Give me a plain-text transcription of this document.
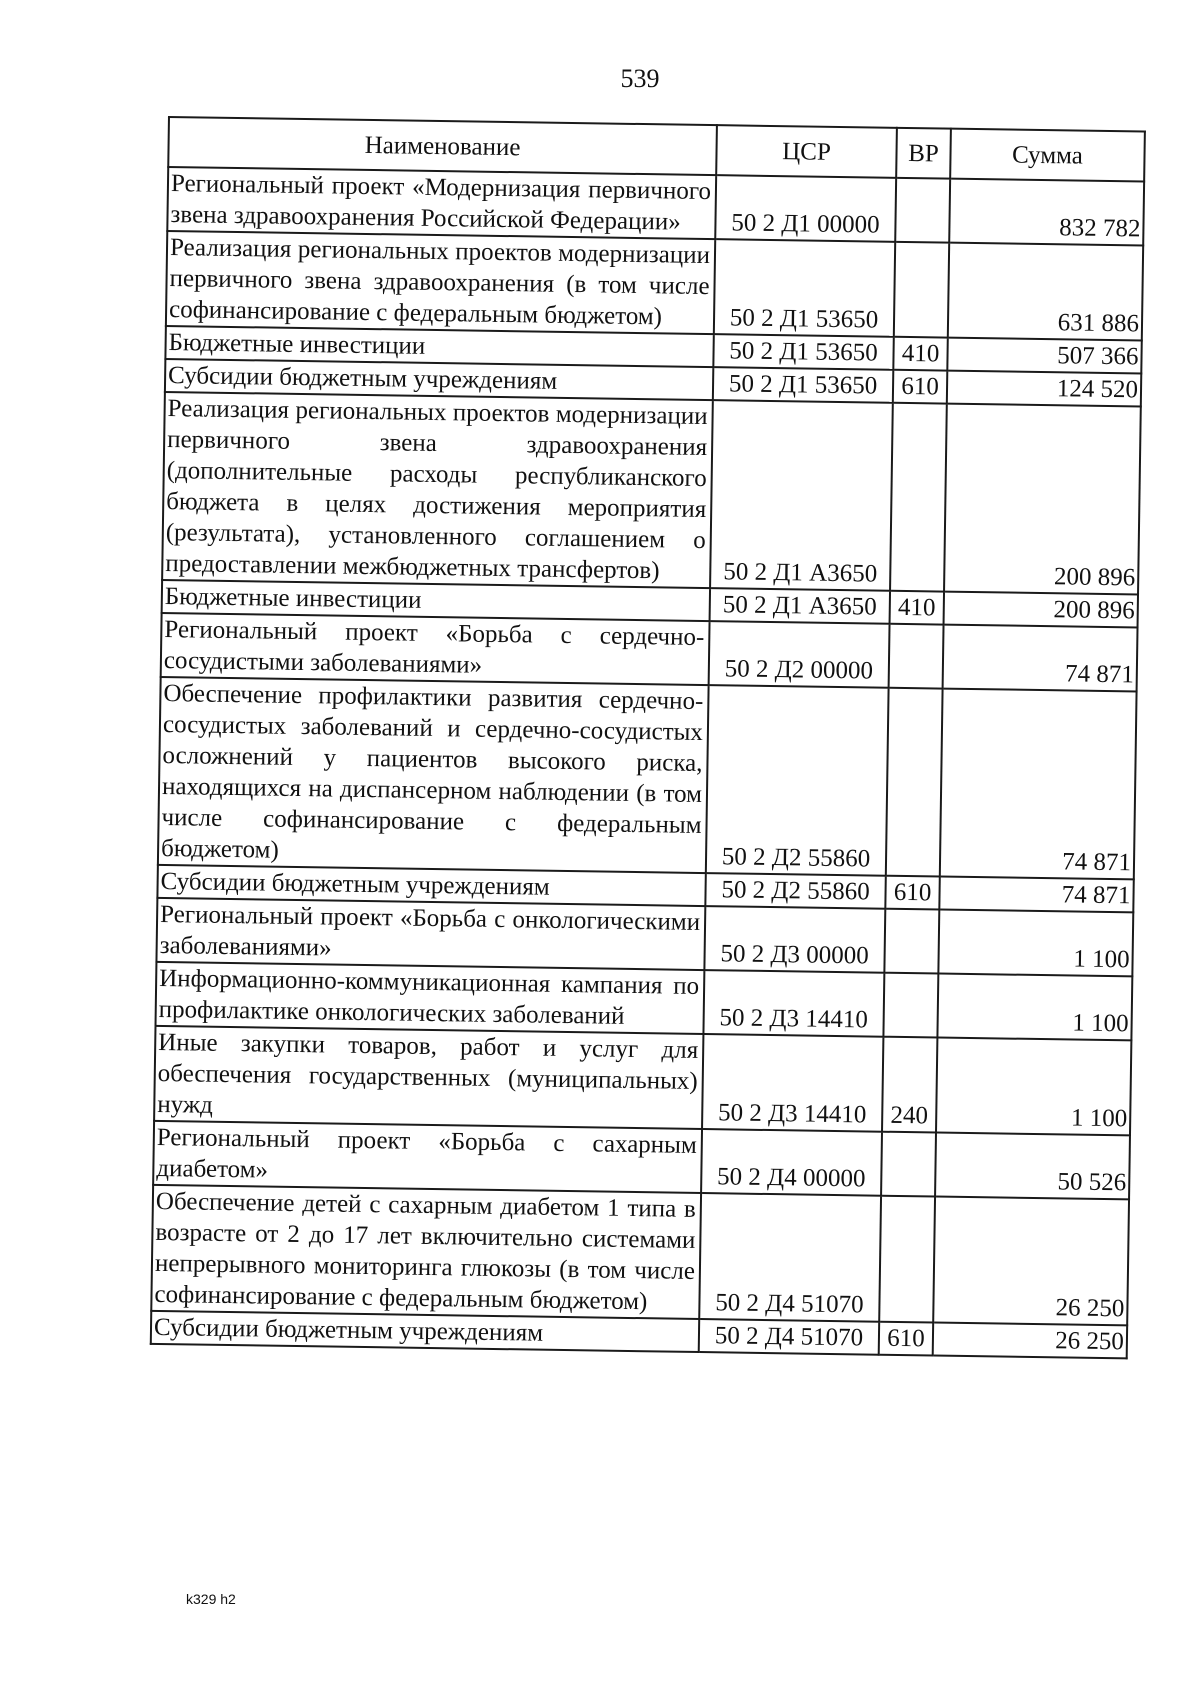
539
Наименование	ЦСР	ВР	Сумма
Региональный проект «Модернизация первичного звена здравоохранения Российской Федерации»	50 2 Д1 00000		832 782
Реализация региональных проектов модернизации первичного звена здравоохранения (в том числе софинансирование с федеральным бюджетом)	50 2 Д1 53650		631 886
Бюджетные инвестиции	50 2 Д1 53650	410	507 366
Субсидии бюджетным учреждениям	50 2 Д1 53650	610	124 520
Реализация региональных проектов модернизации первичного звена здравоохранения (дополнительные расходы республиканского бюджета в целях достижения мероприятия (результата), установленного соглашением о предоставлении межбюджетных трансфертов)	50 2 Д1 А3650		200 896
Бюджетные инвестиции	50 2 Д1 А3650	410	200 896
Региональный проект «Борьба с сердечно-сосудистыми заболеваниями»	50 2 Д2 00000		74 871
Обеспечение профилактики развития сердечно-сосудистых заболеваний и сердечно-сосудистых осложнений у пациентов высокого риска, находящихся на диспансерном наблюдении (в том числе софинансирование с федеральным бюджетом)	50 2 Д2 55860		74 871
Субсидии бюджетным учреждениям	50 2 Д2 55860	610	74 871
Региональный проект «Борьба с онкологическими заболеваниями»	50 2 Д3 00000		1 100
Информационно-коммуникационная кампания по профилактике онкологических заболеваний	50 2 Д3 14410		1 100
Иные закупки товаров, работ и услуг для обеспечения государственных (муниципальных) нужд	50 2 Д3 14410	240	1 100
Региональный проект «Борьба с сахарным диабетом»	50 2 Д4 00000		50 526
Обеспечение детей с сахарным диабетом 1 типа в возрасте от 2 до 17 лет включительно системами непрерывного мониторинга глюкозы (в том числе софинансирование с федеральным бюджетом)	50 2 Д4 51070		26 250
Субсидии бюджетным учреждениям	50 2 Д4 51070	610	26 250
k329 h2
